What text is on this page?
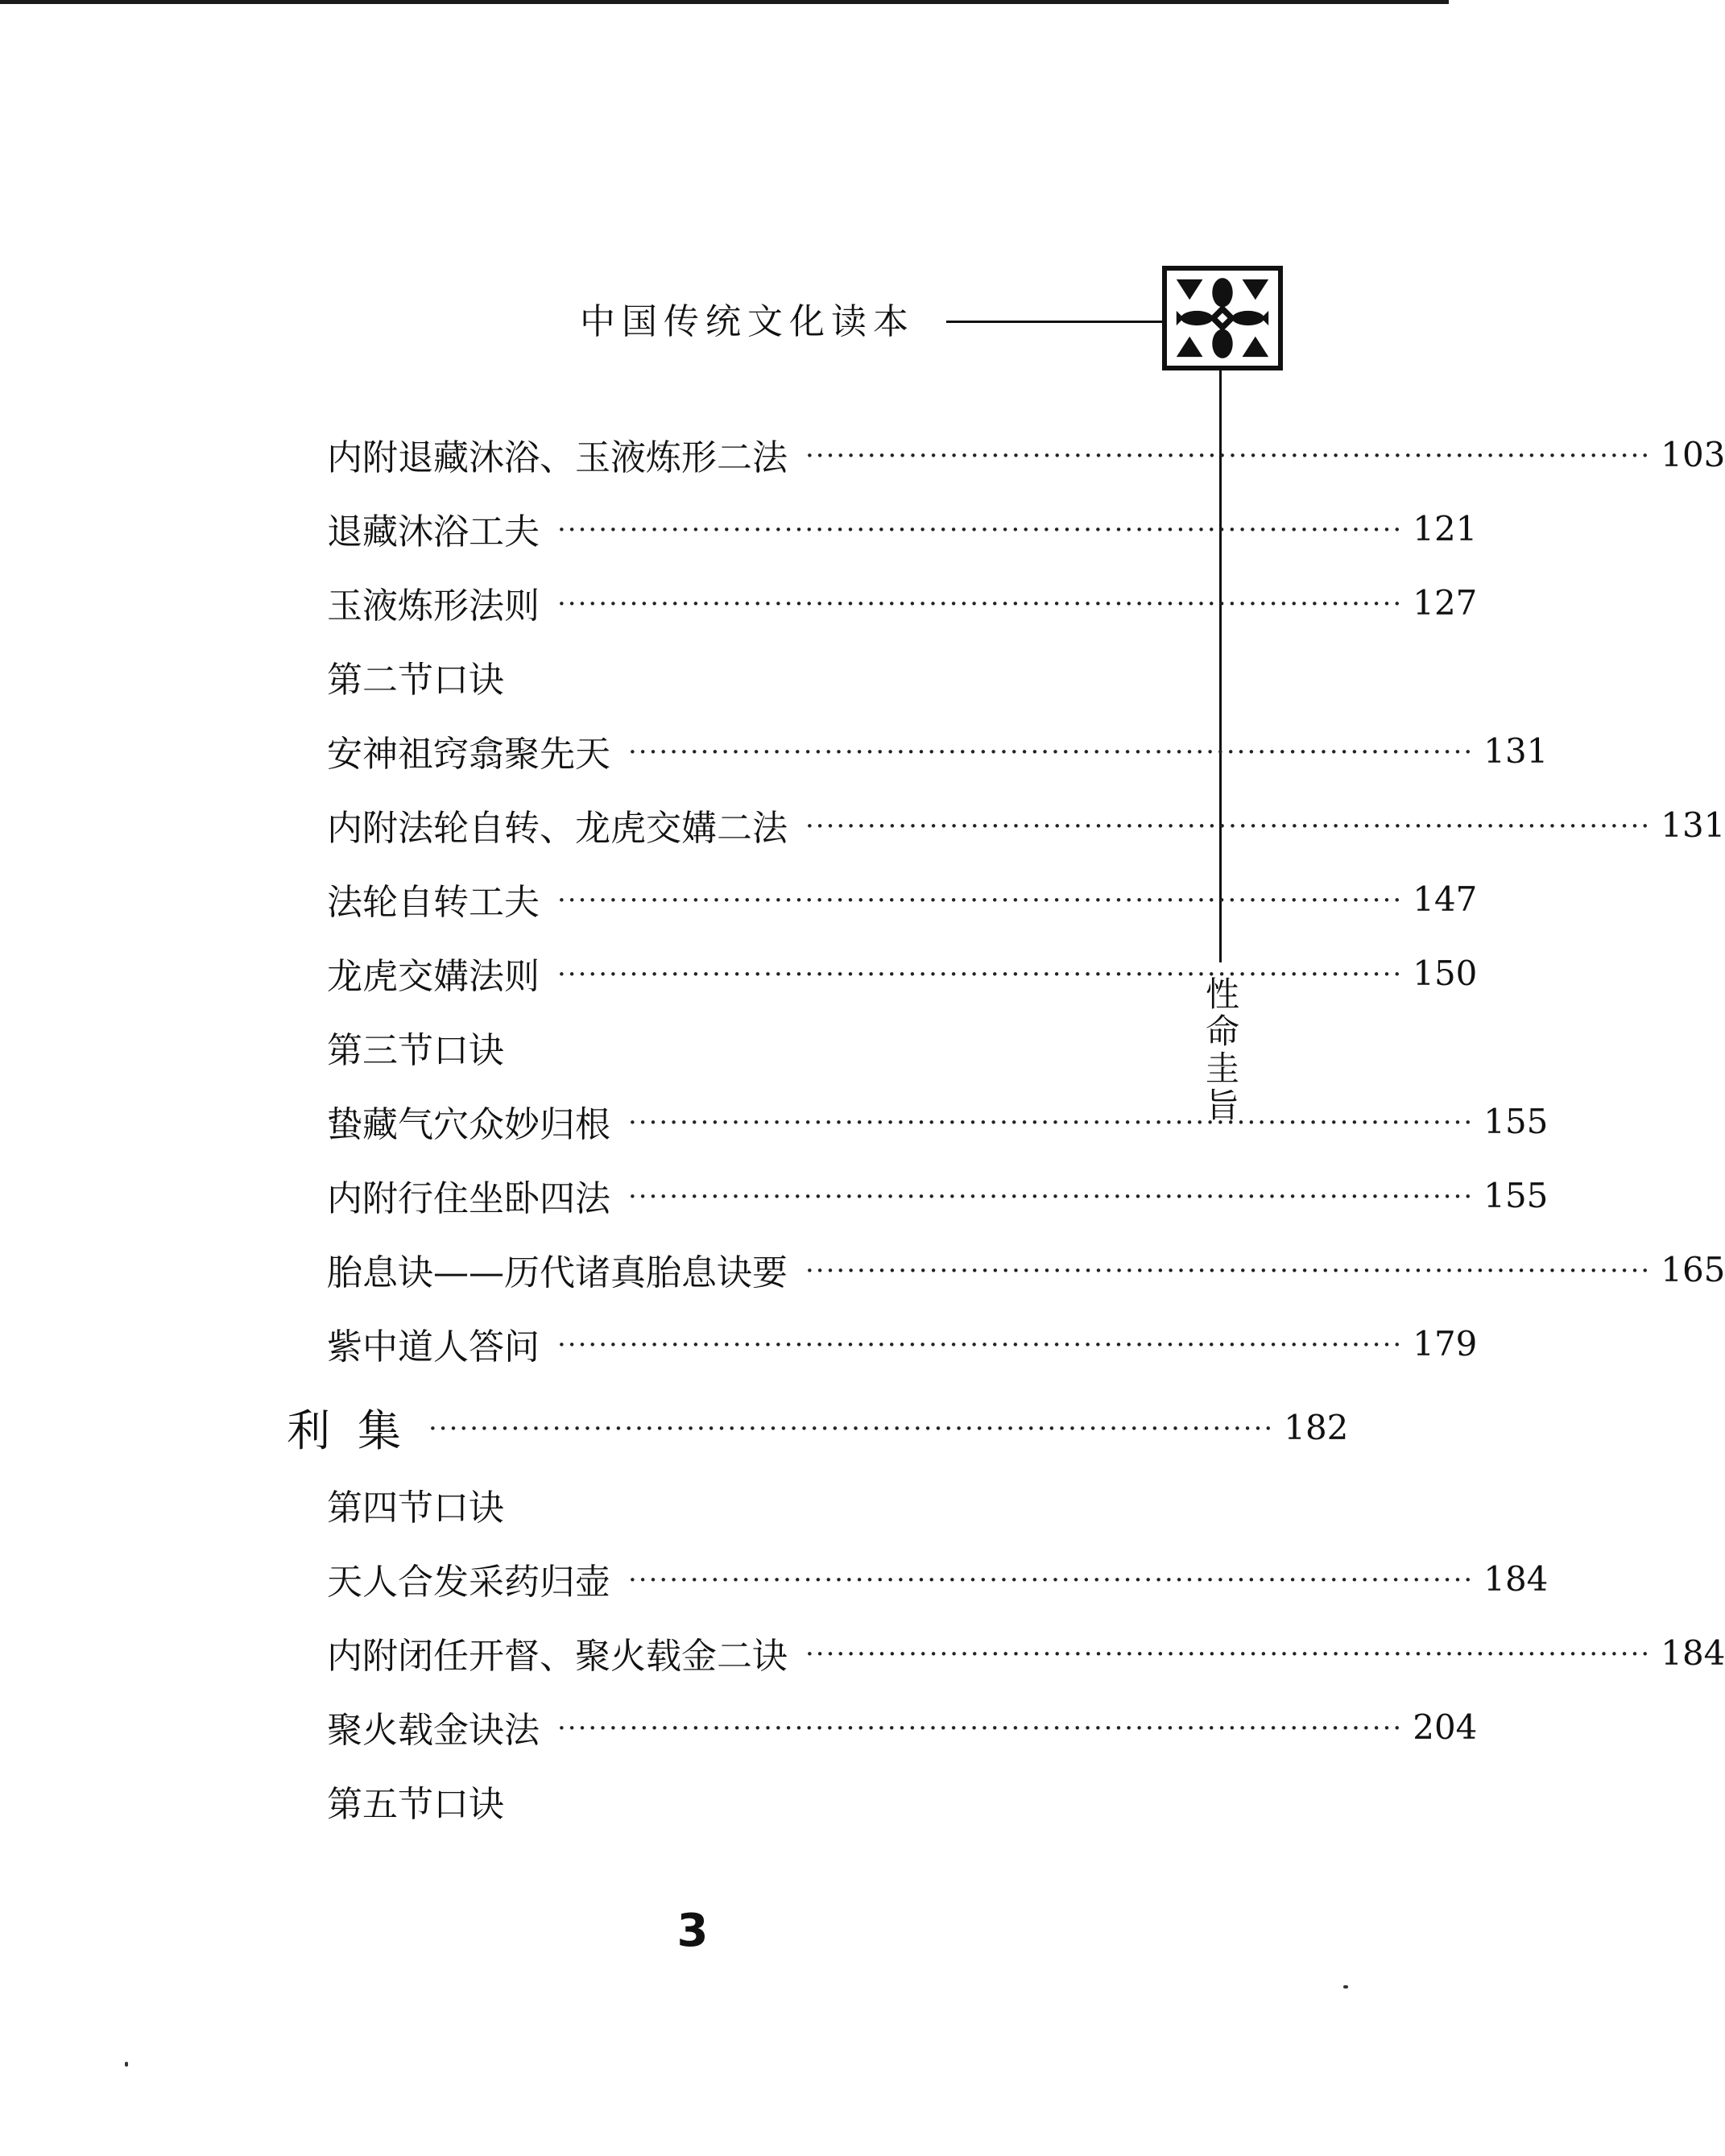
中国传统文化读本
性命圭旨
内附退藏沐浴、玉液炼形二法 ·················································································· 103
退藏沐浴工夫 ·················································································· 121
玉液炼形法则 ·················································································· 127
第二节口诀
安神祖窍翕聚先天 ·················································································· 131
内附法轮自转、龙虎交媾二法 ·················································································· 131
法轮自转工夫 ·················································································· 147
龙虎交媾法则 ·················································································· 150
第三节口诀
蛰藏气穴众妙归根 ·················································································· 155
内附行住坐卧四法 ·················································································· 155
胎息诀——历代诸真胎息诀要 ·················································································· 165
紫中道人答问 ·················································································· 179
利集 ·················································································· 182
第四节口诀
天人合发采药归壶 ·················································································· 184
内附闭任开督、聚火载金二诀 ·················································································· 184
聚火载金诀法 ·················································································· 204
第五节口诀
3
